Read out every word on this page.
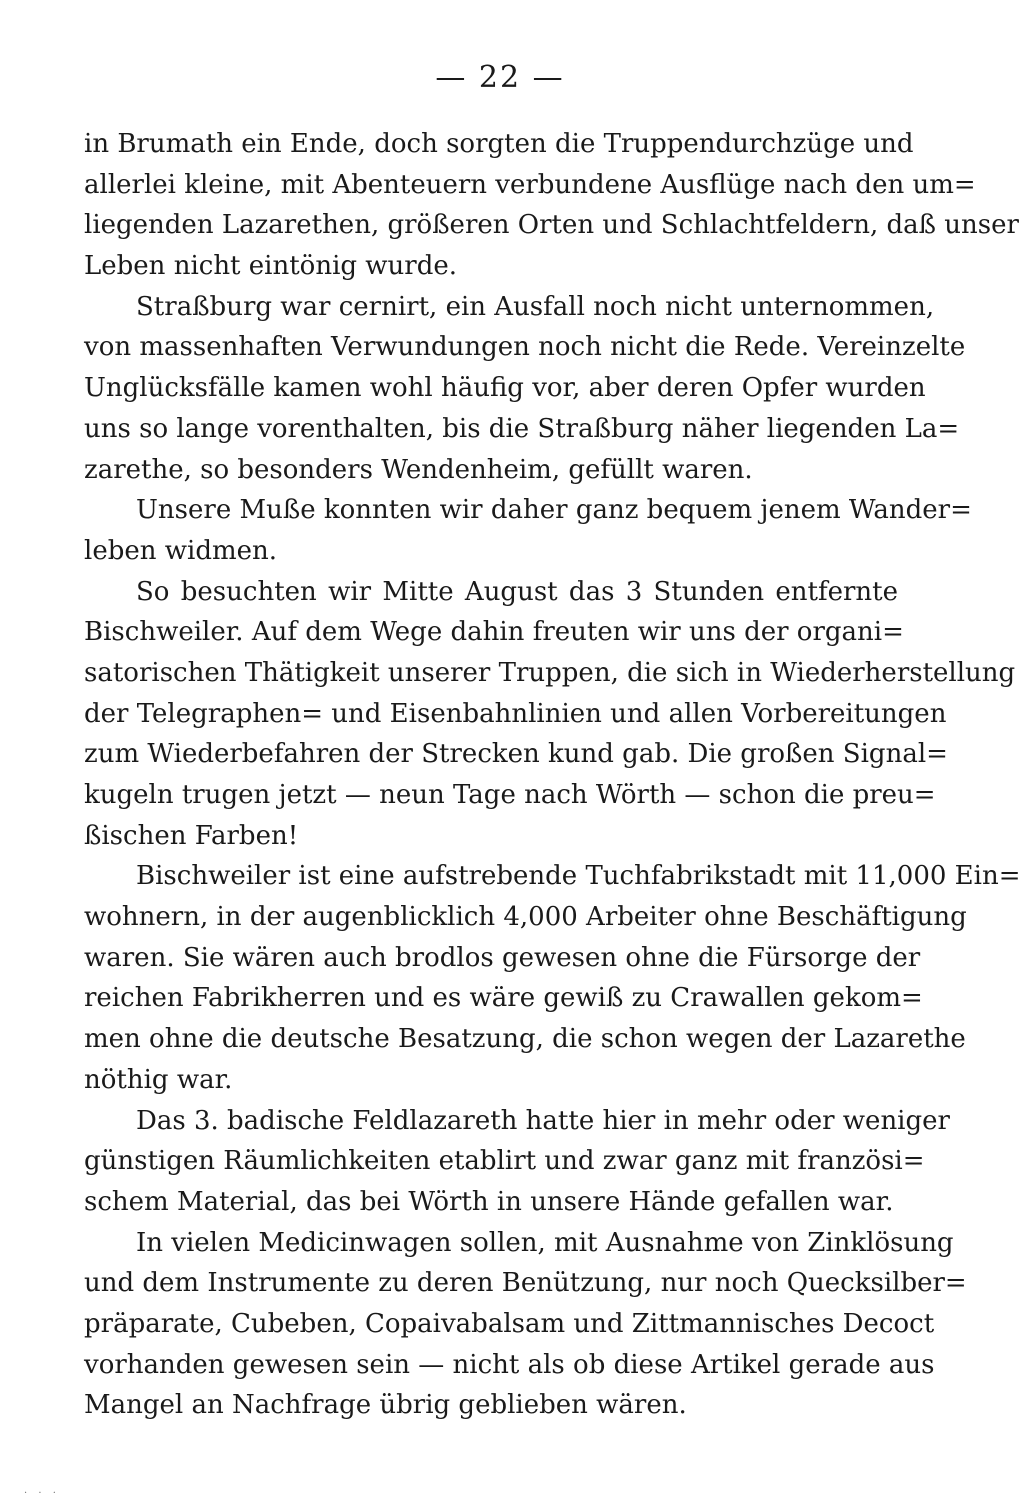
— 22 —
in Brumath ein Ende, doch sorgten die Truppendurchzüge und
allerlei kleine, mit Abenteuern verbundene Ausflüge nach den um=
liegenden Lazarethen, größeren Orten und Schlachtfeldern, daß unser
Leben nicht eintönig wurde.
Straßburg war cernirt, ein Ausfall noch nicht unternommen,
von massenhaften Verwundungen noch nicht die Rede. Vereinzelte
Unglücksfälle kamen wohl häufig vor, aber deren Opfer wurden
uns so lange vorenthalten, bis die Straßburg näher liegenden La=
zarethe, so besonders Wendenheim, gefüllt waren.
Unsere Muße konnten wir daher ganz bequem jenem Wander=
leben widmen.
So besuchten wir Mitte August das 3 Stunden entfernte
Bischweiler. Auf dem Wege dahin freuten wir uns der organi=
satorischen Thätigkeit unserer Truppen, die sich in Wiederherstellung
der Telegraphen= und Eisenbahnlinien und allen Vorbereitungen
zum Wiederbefahren der Strecken kund gab. Die großen Signal=
kugeln trugen jetzt — neun Tage nach Wörth — schon die preu=
ßischen Farben!
Bischweiler ist eine aufstrebende Tuchfabrikstadt mit 11,000 Ein=
wohnern, in der augenblicklich 4,000 Arbeiter ohne Beschäftigung
waren. Sie wären auch brodlos gewesen ohne die Fürsorge der
reichen Fabrikherren und es wäre gewiß zu Crawallen gekom=
men ohne die deutsche Besatzung, die schon wegen der Lazarethe
nöthig war.
Das 3. badische Feldlazareth hatte hier in mehr oder weniger
günstigen Räumlichkeiten etablirt und zwar ganz mit französi=
schem Material, das bei Wörth in unsere Hände gefallen war.
In vielen Medicinwagen sollen, mit Ausnahme von Zinklösung
und dem Instrumente zu deren Benützung, nur noch Quecksilber=
präparate, Cubeben, Copaivabalsam und Zittmannisches Decoct
vorhanden gewesen sein — nicht als ob diese Artikel gerade aus
Mangel an Nachfrage übrig geblieben wären.
· · ·
